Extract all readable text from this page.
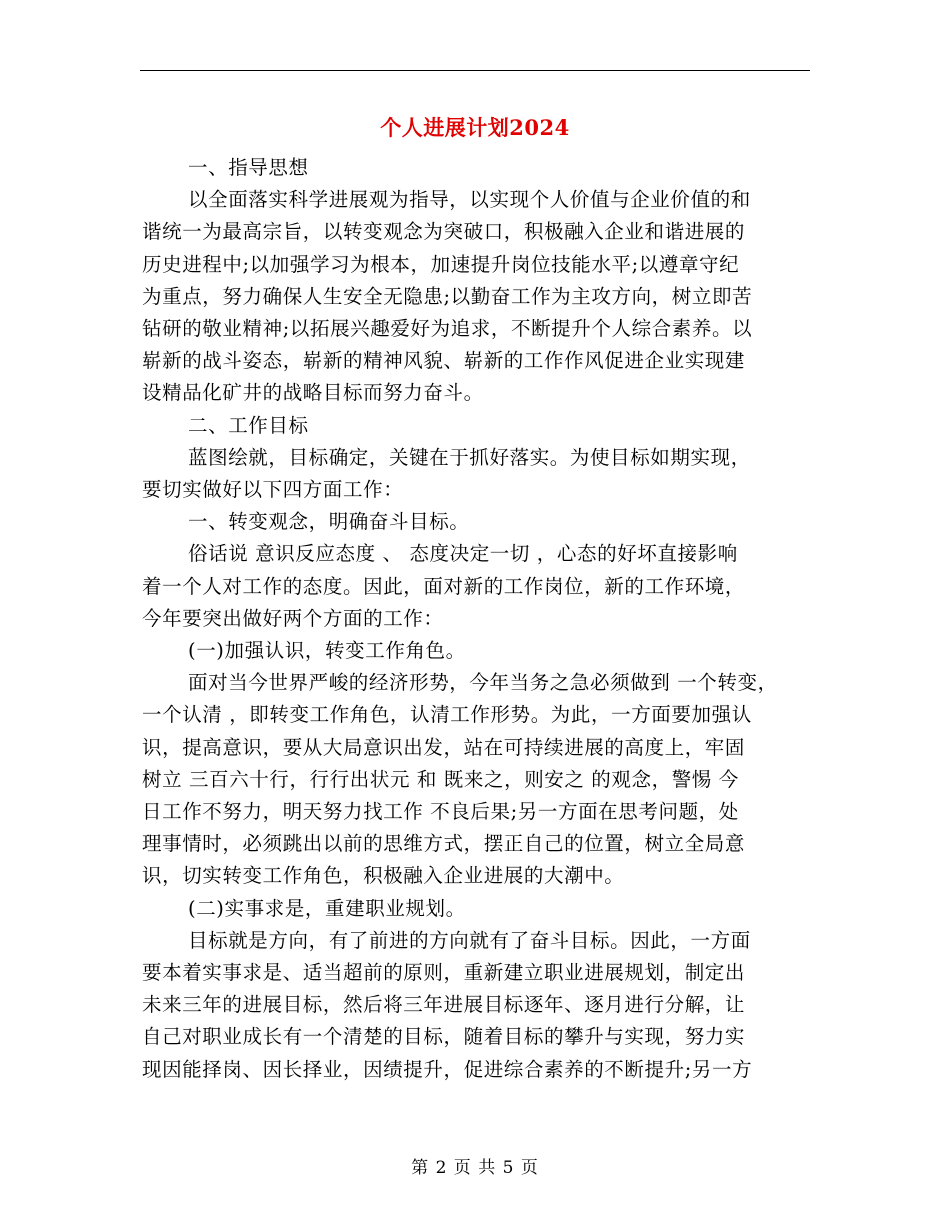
个人进展计划2024

一、指导思想

以全面落实科学进展观为指导，以实现个人价值与企业价值的和

谐统一为最高宗旨，以转变观念为突破口，积极融入企业和谐进展的

历史进程中;以加强学习为根本，加速提升岗位技能水平;以遵章守纪

为重点，努力确保人生安全无隐患;以勤奋工作为主攻方向，树立即苦

钻研的敬业精神;以拓展兴趣爱好为追求，不断提升个人综合素养。以

崭新的战斗姿态，崭新的精神风貌、崭新的工作作风促进企业实现建

设精品化矿井的战略目标而努力奋斗。

二、工作目标

蓝图绘就，目标确定，关键在于抓好落实。为使目标如期实现，

要切实做好以下四方面工作：

一、转变观念，明确奋斗目标。

俗话说 意识反应态度 、 态度决定一切 ，心态的好坏直接影响

着一个人对工作的态度。因此，面对新的工作岗位，新的工作环境，

今年要突出做好两个方面的工作：

(一)加强认识，转变工作角色。

面对当今世界严峻的经济形势，今年当务之急必须做到 一个转变，

一个认清 ，即转变工作角色，认清工作形势。为此，一方面要加强认

识，提高意识，要从大局意识出发，站在可持续进展的高度上，牢固

树立 三百六十行，行行出状元 和 既来之，则安之 的观念，警惕 今

日工作不努力，明天努力找工作 不良后果;另一方面在思考问题，处

理事情时，必须跳出以前的思维方式，摆正自己的位置，树立全局意

识，切实转变工作角色，积极融入企业进展的大潮中。

(二)实事求是，重建职业规划。

目标就是方向，有了前进的方向就有了奋斗目标。因此，一方面

要本着实事求是、适当超前的原则，重新建立职业进展规划，制定出

未来三年的进展目标，然后将三年进展目标逐年、逐月进行分解，让

自己对职业成长有一个清楚的目标，随着目标的攀升与实现，努力实

现因能择岗、因长择业，因绩提升，促进综合素养的不断提升;另一方

第 2 页 共 5 页
